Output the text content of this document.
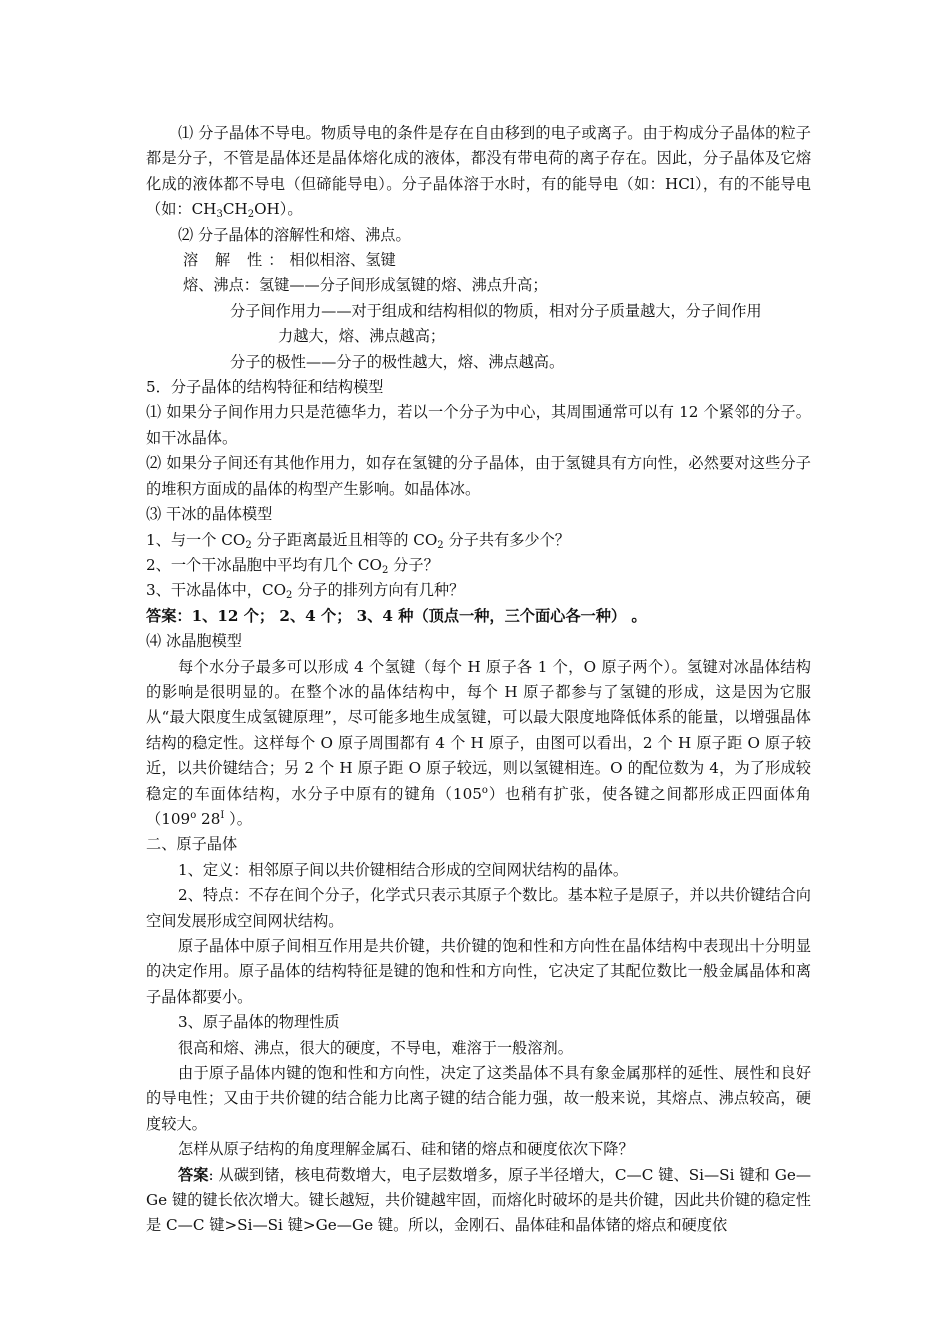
⑴ 分子晶体不导电。物质导电的条件是存在自由移到的电子或离子。由于构成分子晶体的粒子都是分子，不管是晶体还是晶体熔化成的液体，都没有带电荷的离子存在。因此，分子晶体及它熔化成的液体都不导电（但碲能导电）。分子晶体溶于水时，有的能导电（如：HCl），有的不能导电（如：$CH_3CH_2OH$）。

⑵ 分子晶体的溶解性和熔、沸点。

溶 解 性：相似相溶、氢键

熔、沸点：氢键——分子间形成氢键的熔、沸点升高；

分子间作用力——对于组成和结构相似的物质，相对分子质量越大，分子间作用

力越大，熔、沸点越高；

分子的极性——分子的极性越大，熔、沸点越高。

5．分子晶体的结构特征和结构模型

⑴ 如果分子间作用力只是范德华力，若以一个分子为中心，其周围通常可以有 12 个紧邻的分子。如干冰晶体。

⑵ 如果分子间还有其他作用力，如存在氢键的分子晶体，由于氢键具有方向性，必然要对这些分子的堆积方面成的晶体的构型产生影响。如晶体冰。

⑶ 干冰的晶体模型

1、与一个 $CO_2$ 分子距离最近且相等的 $CO_2$ 分子共有多少个？

2、一个干冰晶胞中平均有几个 $CO_2$ 分子？

3、干冰晶体中，$CO_2$ 分子的排列方向有几种？

答案：1、12 个； 2、4 个； 3、4 种（顶点一种，三个面心各一种） 。

⑷ 冰晶胞模型

每个水分子最多可以形成 4 个氢键（每个 H 原子各 1 个，O 原子两个）。氢键对冰晶体结构的影响是很明显的。在整个冰的晶体结构中，每个 H 原子都参与了氢键的形成，这是因为它服从“最大限度生成氢键原理”，尽可能多地生成氢键，可以最大限度地降低体系的能量，以增强晶体结构的稳定性。这样每个 O 原子周围都有 4 个 H 原子，由图可以看出，2 个 H 原子距 O 原子较近，以共价键结合；另 2 个 H 原子距 O 原子较远，则以氢键相连。O 的配位数为 4，为了形成较稳定的车面体结构，水分子中原有的键角（105$^o$）也稍有扩张，使各键之间都形成正四面体角（109$^o$ $28^I$ ）。

二、原子晶体

1、定义：相邻原子间以共价键相结合形成的空间网状结构的晶体。

2、特点：不存在间个分子，化学式只表示其原子个数比。基本粒子是原子，并以共价键结合向空间发展形成空间网状结构。

原子晶体中原子间相互作用是共价键，共价键的饱和性和方向性在晶体结构中表现出十分明显的决定作用。原子晶体的结构特征是键的饱和性和方向性，它决定了其配位数比一般金属晶体和离子晶体都要小。

3、原子晶体的物理性质

很高和熔、沸点，很大的硬度，不导电，难溶于一般溶剂。

由于原子晶体内键的饱和性和方向性，决定了这类晶体不具有象金属那样的延性、展性和良好的导电性；又由于共价键的结合能力比离子键的结合能力强，故一般来说，其熔点、沸点较高，硬度较大。

怎样从原子结构的角度理解金属石、硅和锗的熔点和硬度依次下降？

答案: 从碳到锗，核电荷数增大，电子层数增多，原子半径增大，C—C 键、Si—Si 键和 Ge—Ge 键的键长依次增大。键长越短，共价键越牢固，而熔化时破坏的是共价键，因此共价键的稳定性是 C—C 键>Si—Si 键>Ge—Ge 键。所以，金刚石、晶体硅和晶体锗的熔点和硬度依
